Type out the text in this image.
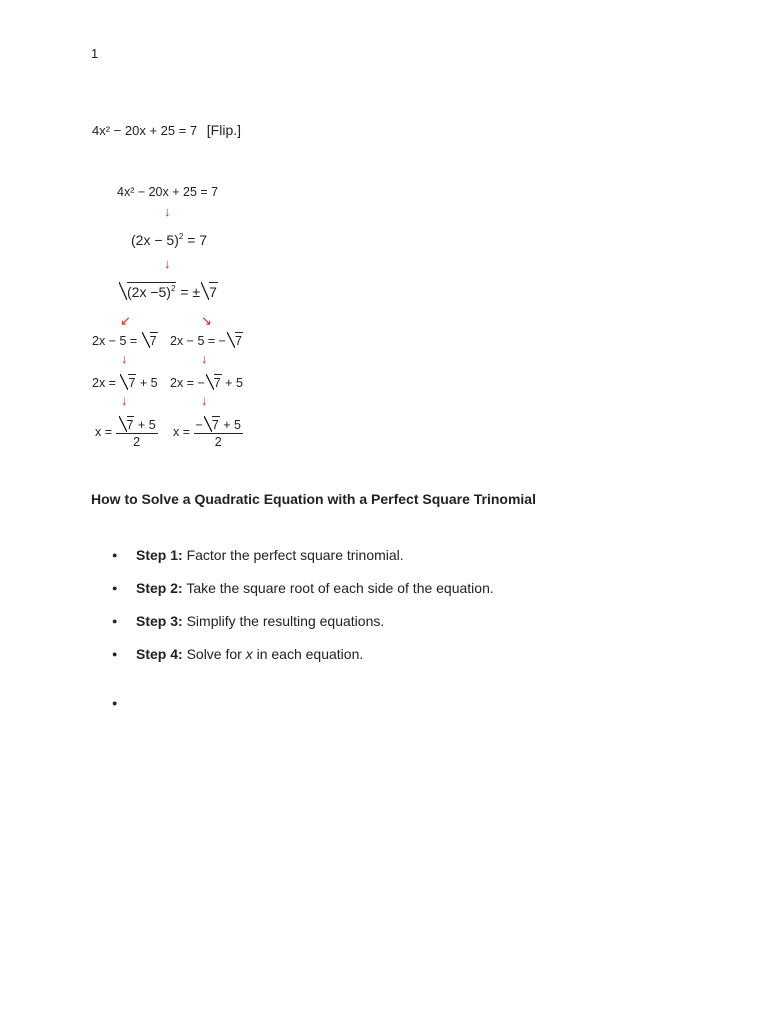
1
4x² − 20x + 25 = 7 [Flip.]
4x² − 20x + 25 = 7
↓
$(2x - 5)^2 = 7$
↓
$(2x -5)^2$ = ± 7
↙	↘
2x − 5 = 7
↓
2x = 7 + 5
↓
$x = \frac{7 + 5}{2}$
2x − 5 = − 7
↓
2x = − 7 + 5
↓
$x = \frac{- 7 + 5}{2}$
How to Solve a Quadratic Equation with a Perfect Square Trinomial
● Step 1: Factor the perfect square trinomial.
● Step 2: Take the square root of each side of the equation.
● Step 3: Simplify the resulting equations.
● Step 4: Solve for x in each equation.
●
